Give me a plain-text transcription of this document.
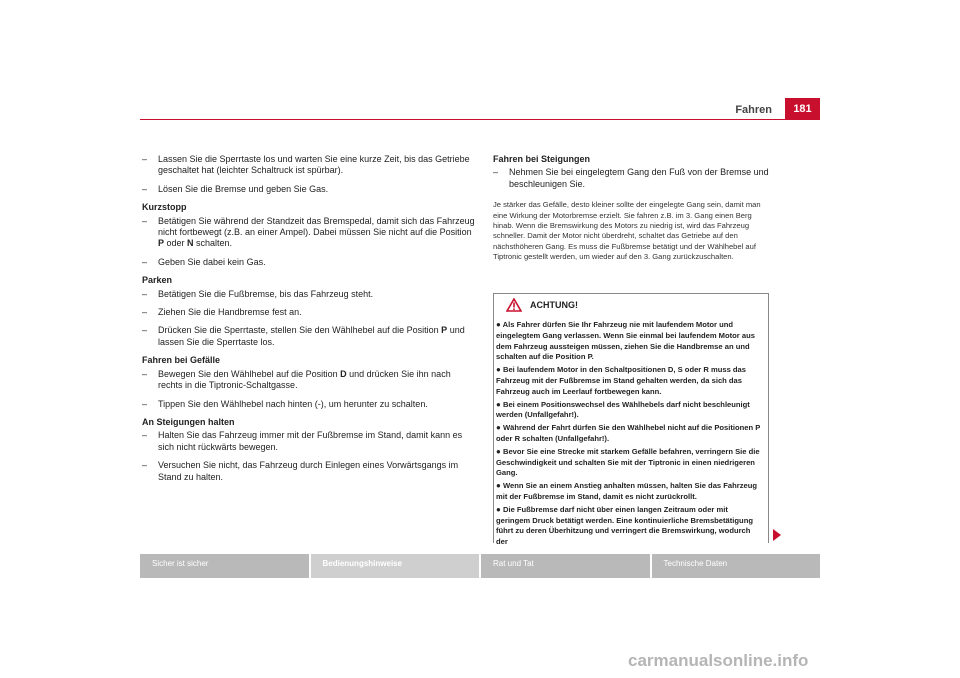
Fahren	181
– Lassen Sie die Sperrtaste los und warten Sie eine kurze Zeit, bis das Getriebe geschaltet hat (leichter Schaltruck ist spürbar).
– Lösen Sie die Bremse und geben Sie Gas.
Kurzstopp
– Betätigen Sie während der Standzeit das Bremspedal, damit sich das Fahrzeug nicht fortbewegt (z.B. an einer Ampel). Dabei müssen Sie nicht auf die Position P oder N schalten.
– Geben Sie dabei kein Gas.
Parken
– Betätigen Sie die Fußbremse, bis das Fahrzeug steht.
– Ziehen Sie die Handbremse fest an.
– Drücken Sie die Sperrtaste, stellen Sie den Wählhebel auf die Position P und lassen Sie die Sperrtaste los.
Fahren bei Gefälle
– Bewegen Sie den Wählhebel auf die Position D und drücken Sie ihn nach rechts in die Tiptronic-Schaltgasse.
– Tippen Sie den Wählhebel nach hinten (-), um herunter zu schalten.
An Steigungen halten
– Halten Sie das Fahrzeug immer mit der Fußbremse im Stand, damit kann es sich nicht rückwärts bewegen.
– Versuchen Sie nicht, das Fahrzeug durch Einlegen eines Vorwärtsgangs im Stand zu halten.
Fahren bei Steigungen
– Nehmen Sie bei eingelegtem Gang den Fuß von der Bremse und beschleunigen Sie.
Je stärker das Gefälle, desto kleiner sollte der eingelegte Gang sein, damit man eine Wirkung der Motorbremse erzielt. Sie fahren z.B. im 3. Gang einen Berg hinab. Wenn die Bremswirkung des Motors zu niedrig ist, wird das Fahrzeug schneller. Damit der Motor nicht überdreht, schaltet das Getriebe auf den nächsthöheren Gang. Es muss die Fußbremse betätigt und der Wählhebel auf Tiptronic gestellt werden, um wieder auf den 3. Gang zurückzuschalten.
ACHTUNG!
● Als Fahrer dürfen Sie Ihr Fahrzeug nie mit laufendem Motor und eingelegtem Gang verlassen. Wenn Sie einmal bei laufendem Motor aus dem Fahrzeug aussteigen müssen, ziehen Sie die Handbremse an und schalten auf die Position P.
● Bei laufendem Motor in den Schaltpositionen D, S oder R muss das Fahrzeug mit der Fußbremse im Stand gehalten werden, da sich das Fahrzeug auch im Leerlauf fortbewegen kann.
● Bei einem Positionswechsel des Wählhebels darf nicht beschleunigt werden (Unfallgefahr!).
● Während der Fahrt dürfen Sie den Wählhebel nicht auf die Positionen P oder R schalten (Unfallgefahr!).
● Bevor Sie eine Strecke mit starkem Gefälle befahren, verringern Sie die Geschwindigkeit und schalten Sie mit der Tiptronic in einen niedrigeren Gang.
● Wenn Sie an einem Anstieg anhalten müssen, halten Sie das Fahrzeug mit der Fußbremse im Stand, damit es nicht zurückrollt.
● Die Fußbremse darf nicht über einen langen Zeitraum oder mit geringem Druck betätigt werden. Eine kontinuierliche Bremsbetätigung führt zu deren Überhitzung und verringert die Bremswirkung, wodurch der
Sicher ist sicher	Bedienungshinweise	Rat und Tat	Technische Daten
carmanualsonline.info
